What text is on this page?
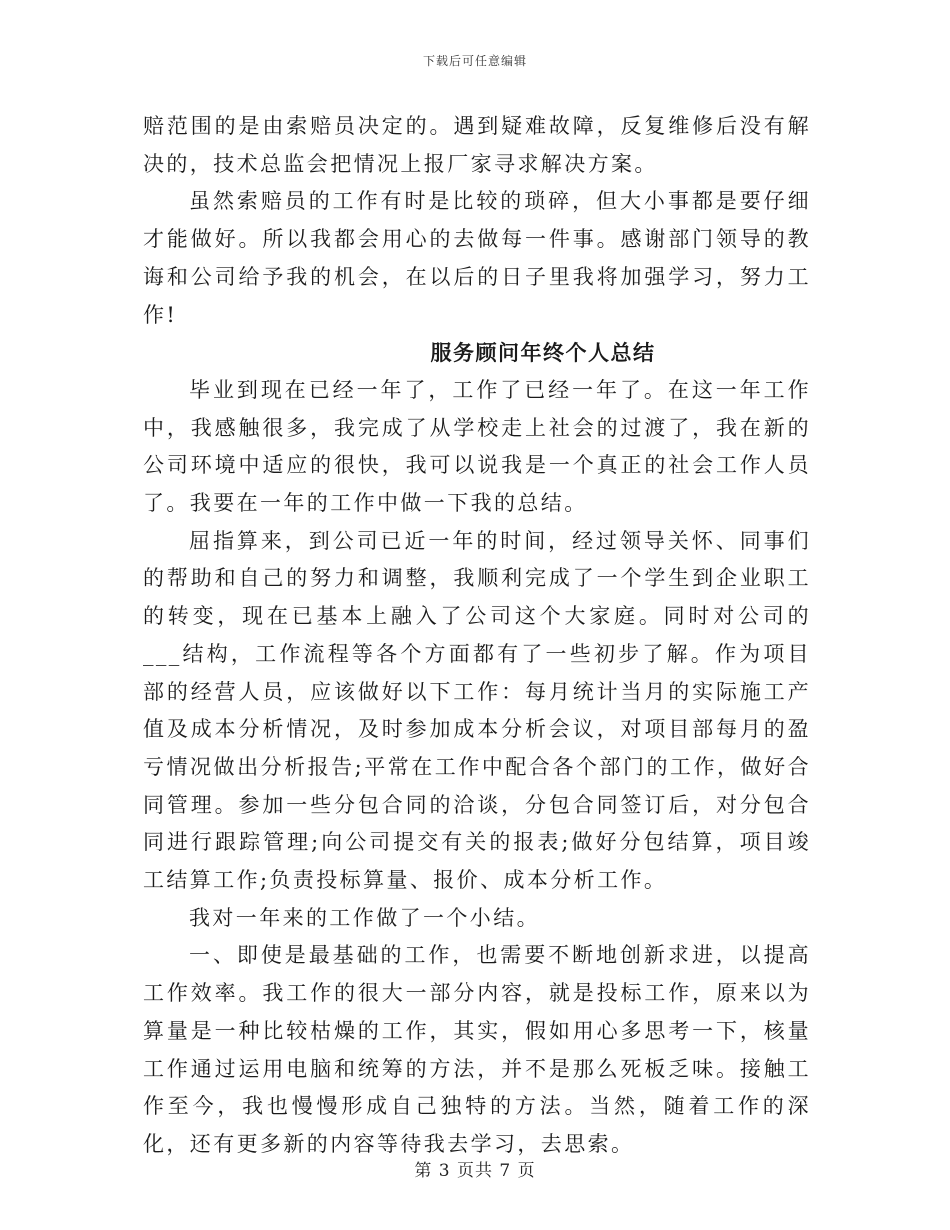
下载后可任意编辑

赔范围的是由索赔员决定的。遇到疑难故障，反复维修后没有解决的，技术总监会把情况上报厂家寻求解决方案。

虽然索赔员的工作有时是比较的琐碎，但大小事都是要仔细才能做好。所以我都会用心的去做每一件事。感谢部门领导的教诲和公司给予我的机会，在以后的日子里我将加强学习，努力工作!

服务顾问年终个人总结

毕业到现在已经一年了，工作了已经一年了。在这一年工作中，我感触很多，我完成了从学校走上社会的过渡了，我在新的公司环境中适应的很快，我可以说我是一个真正的社会工作人员了。我要在一年的工作中做一下我的总结。

屈指算来，到公司已近一年的时间，经过领导关怀、同事们的帮助和自己的努力和调整，我顺利完成了一个学生到企业职工的转变，现在已基本上融入了公司这个大家庭。同时对公司的___结构，工作流程等各个方面都有了一些初步了解。作为项目部的经营人员，应该做好以下工作：每月统计当月的实际施工产值及成本分析情况，及时参加成本分析会议，对项目部每月的盈亏情况做出分析报告;平常在工作中配合各个部门的工作，做好合同管理。参加一些分包合同的洽谈，分包合同签订后，对分包合同进行跟踪管理;向公司提交有关的报表;做好分包结算，项目竣工结算工作;负责投标算量、报价、成本分析工作。

我对一年来的工作做了一个小结。

一、即使是最基础的工作，也需要不断地创新求进，以提高工作效率。我工作的很大一部分内容，就是投标工作，原来以为算量是一种比较枯燥的工作，其实，假如用心多思考一下，核量工作通过运用电脑和统筹的方法，并不是那么死板乏味。接触工作至今，我也慢慢形成自己独特的方法。当然，随着工作的深化，还有更多新的内容等待我去学习，去思索。

第 3 页共 7 页
